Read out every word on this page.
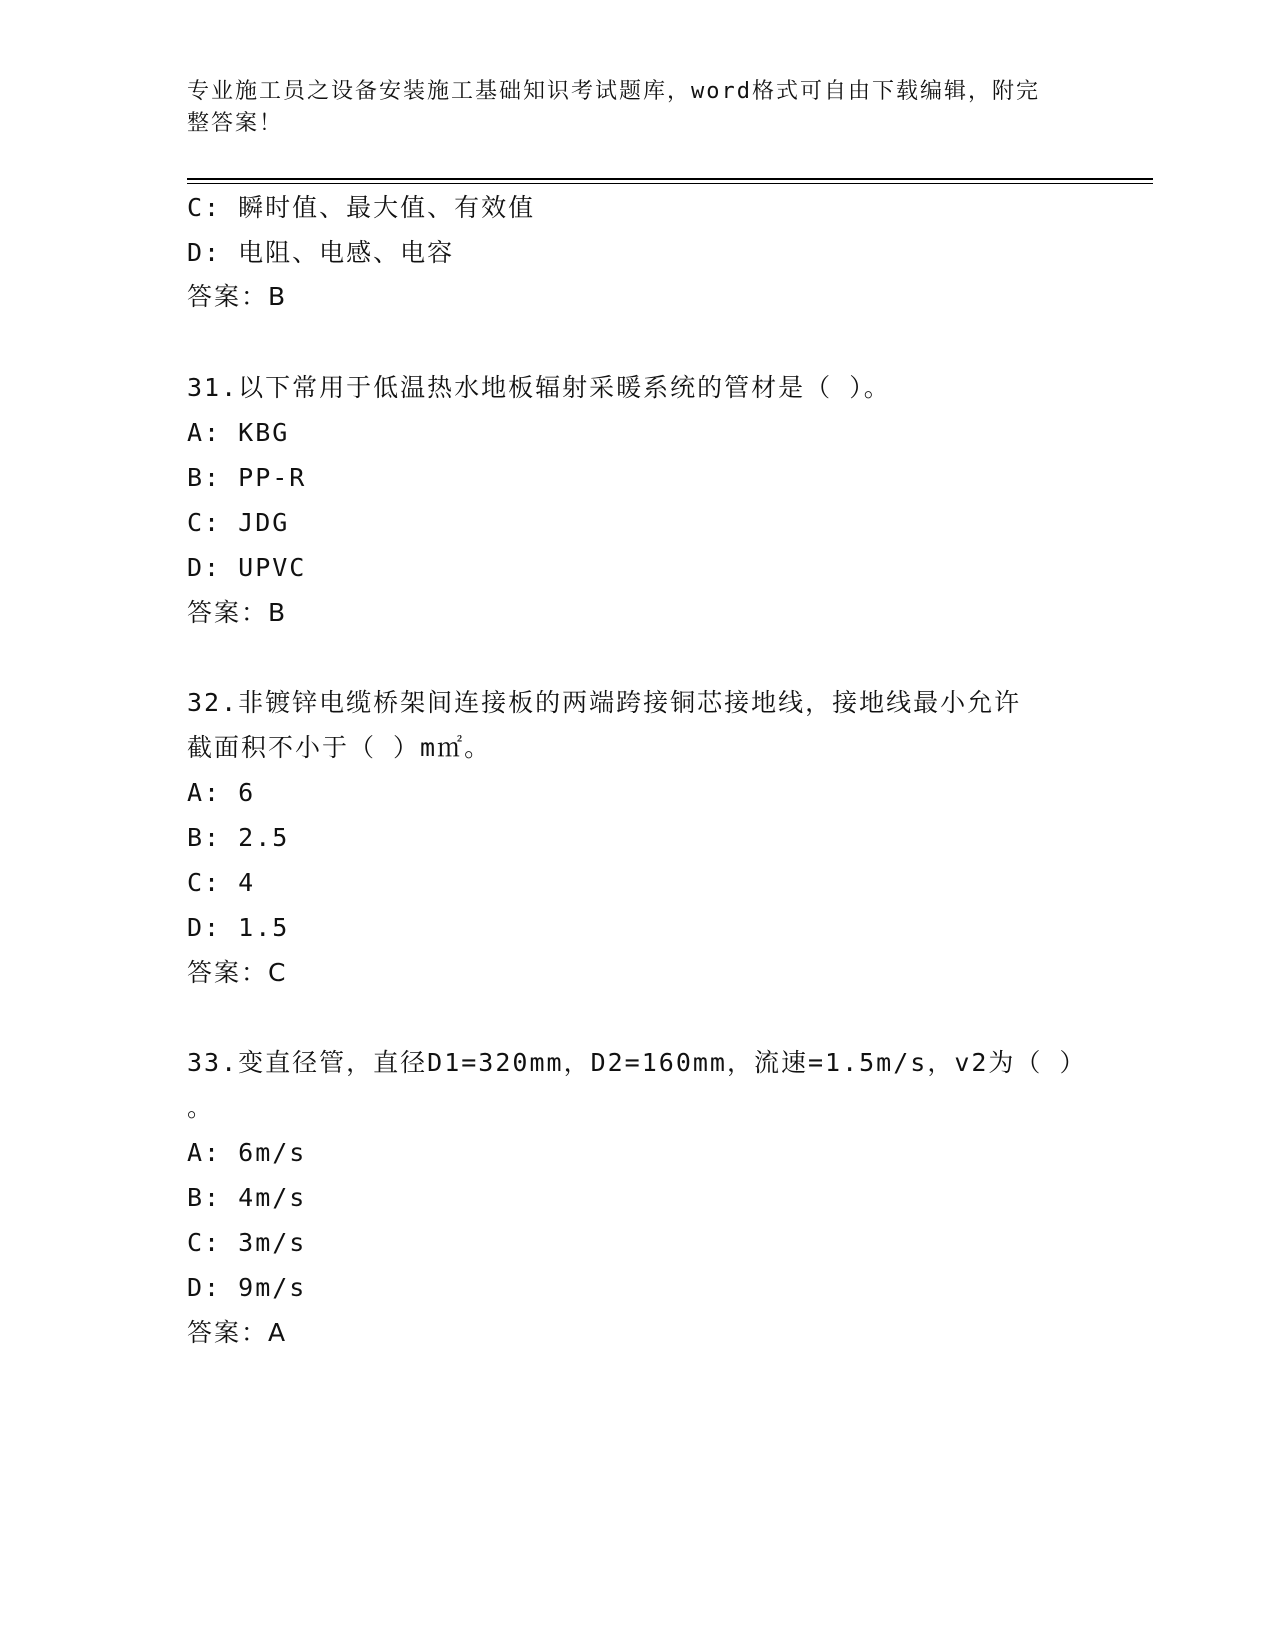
专业施工员之设备安装施工基础知识考试题库，word格式可自由下载编辑，附完
整答案！
C: 瞬时值、最大值、有效值
D: 电阻、电感、电容
答案：B
31.以下常用于低温热水地板辐射采暖系统的管材是（ ）。
A: KBG
B: PP-R
C: JDG
D: UPVC
答案：B
32.非镀锌电缆桥架间连接板的两端跨接铜芯接地线，接地线最小允许
截面积不小于（ ）m㎡。
A: 6
B: 2.5
C: 4
D: 1.5
答案：C
33.变直径管，直径D1=320mm，D2=160mm，流速=1.5m/s，v2为（ ）
。
A: 6m/s
B: 4m/s
C: 3m/s
D: 9m/s
答案：A
